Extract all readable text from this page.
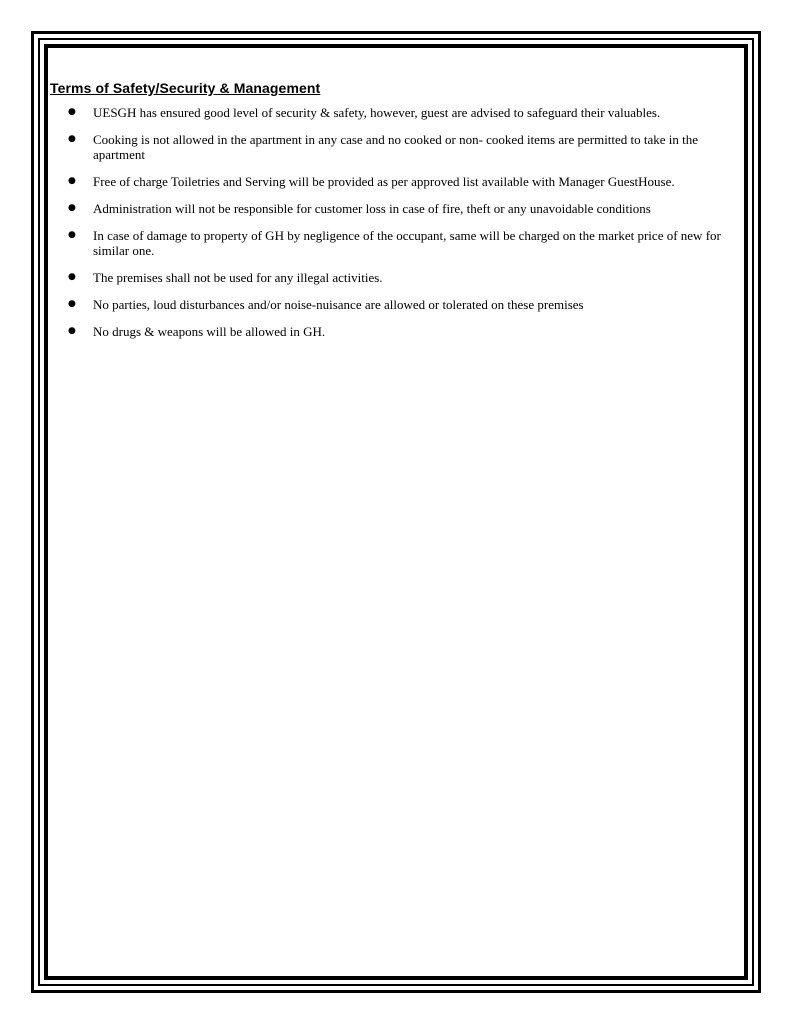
Terms of Safety/Security & Management
● UESGH has ensured good level of security & safety, however, guest are advised to safeguard their valuables.
● Cooking is not allowed in the apartment in any case and no cooked or non- cooked items are permitted to take in the apartment
● Free of charge Toiletries and Serving will be provided as per approved list available with Manager GuestHouse.
● Administration will not be responsible for customer loss in case of fire, theft or any unavoidable conditions
● In case of damage to property of GH by negligence of the occupant, same will be charged on the market price of new for similar one.
● The premises shall not be used for any illegal activities.
● No parties, loud disturbances and/or noise-nuisance are allowed or tolerated on these premises
● No drugs & weapons will be allowed in GH.
